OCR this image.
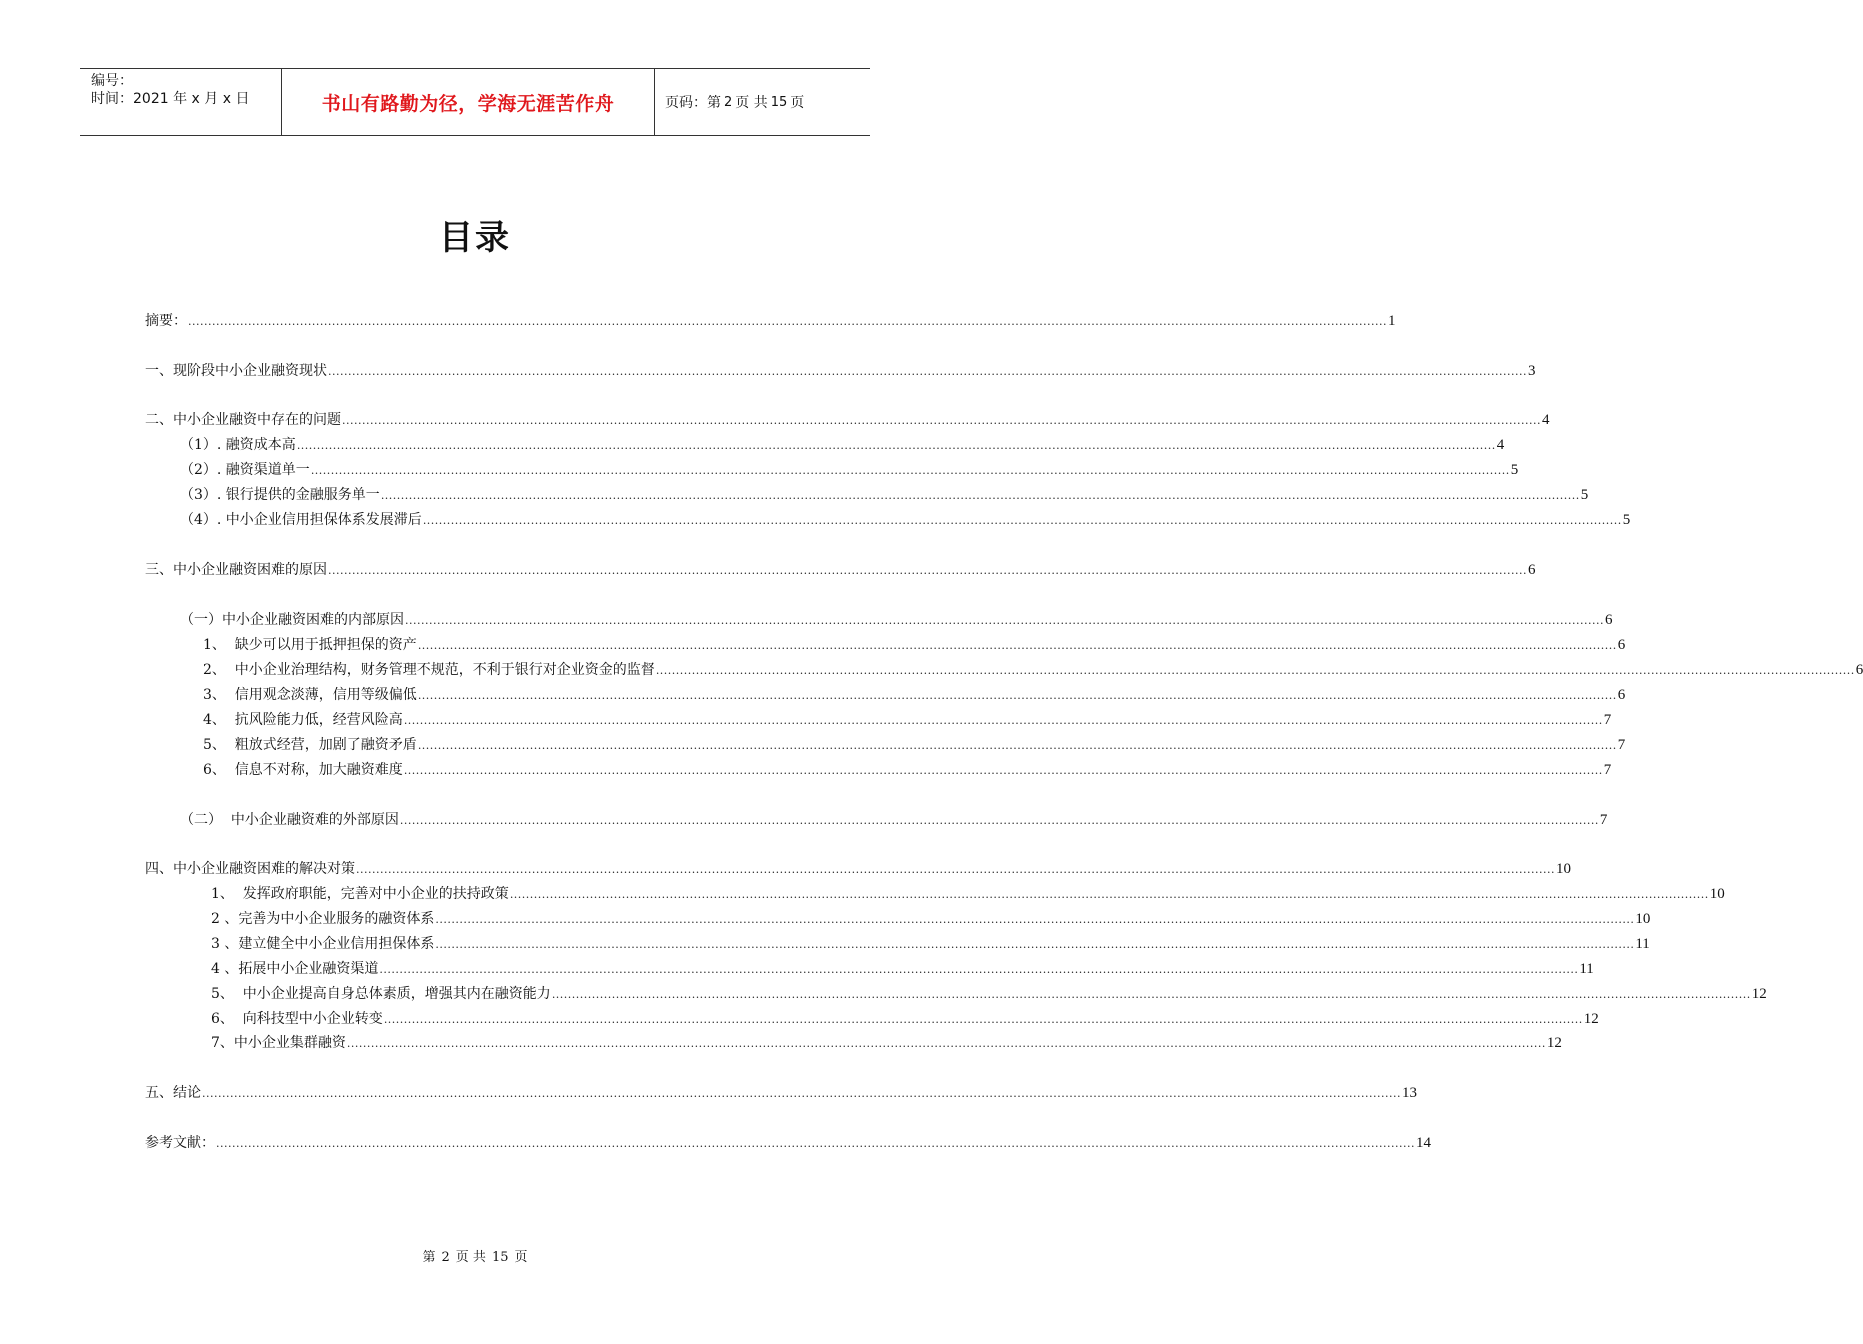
编号：
时间：2021 年 x 月 x 日	书山有路勤为径，学海无涯苦作舟	页码：第 2 页 共 15 页
目录
摘要： ............................................................................................................................................................................................................................................................................................................ 1
一、现阶段中小企业融资现状 ............................................................................................................................................................................................................................................................................................................ 3
二、中小企业融资中存在的问题 ............................................................................................................................................................................................................................................................................................................ 4
（1）. 融资成本高 ............................................................................................................................................................................................................................................................................................................ 4
（2）. 融资渠道单一 ............................................................................................................................................................................................................................................................................................................ 5
（3）. 银行提供的金融服务单一 ............................................................................................................................................................................................................................................................................................................ 5
（4）. 中小企业信用担保体系发展滞后 ............................................................................................................................................................................................................................................................................................................ 5
三、中小企业融资困难的原因 ............................................................................................................................................................................................................................................................................................................ 6
（一）中小企业融资困难的内部原因 ............................................................................................................................................................................................................................................................................................................ 6
1、  缺少可以用于抵押担保的资产 ............................................................................................................................................................................................................................................................................................................ 6
2、  中小企业治理结构，财务管理不规范，不利于银行对企业资金的监督 ............................................................................................................................................................................................................................................................................................................ 6
3、  信用观念淡薄，信用等级偏低 ............................................................................................................................................................................................................................................................................................................ 6
4、  抗风险能力低，经营风险高 ............................................................................................................................................................................................................................................................................................................ 7
5、  粗放式经营，加剧了融资矛盾 ............................................................................................................................................................................................................................................................................................................ 7
6、  信息不对称，加大融资难度 ............................................................................................................................................................................................................................................................................................................ 7
（二）  中小企业融资难的外部原因 ............................................................................................................................................................................................................................................................................................................ 7
四、中小企业融资困难的解决对策 ............................................................................................................................................................................................................................................................................................................ 10
1、  发挥政府职能，完善对中小企业的扶持政策 ............................................................................................................................................................................................................................................................................................................ 10
2 、完善为中小企业服务的融资体系 ............................................................................................................................................................................................................................................................................................................ 10
3 、建立健全中小企业信用担保体系 ............................................................................................................................................................................................................................................................................................................ 11
4 、拓展中小企业融资渠道 ............................................................................................................................................................................................................................................................................................................ 11
5、  中小企业提高自身总体素质，增强其内在融资能力 ............................................................................................................................................................................................................................................................................................................ 12
6、  向科技型中小企业转变 ............................................................................................................................................................................................................................................................................................................ 12
7、中小企业集群融资 ............................................................................................................................................................................................................................................................................................................ 12
五、结论 ............................................................................................................................................................................................................................................................................................................ 13
参考文献： ............................................................................................................................................................................................................................................................................................................ 14
第 2 页 共 15 页
